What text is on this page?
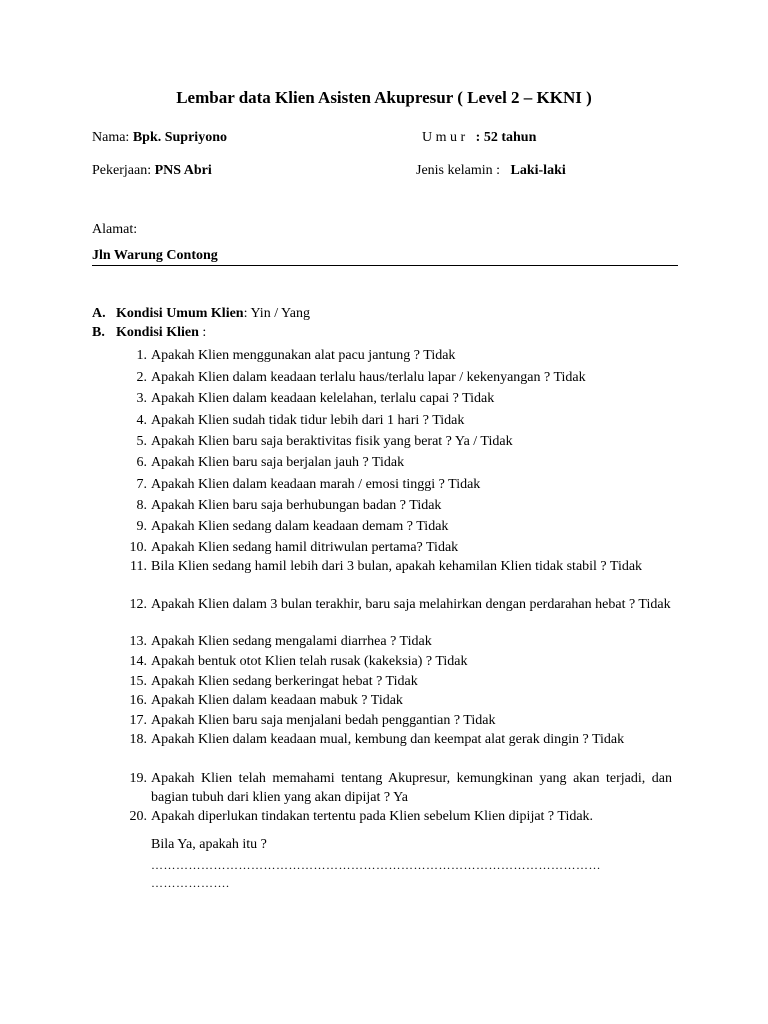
Lembar data Klien Asisten Akupresur ( Level 2 – KKNI )
Nama: Bpk. Supriyono	U m u r : 52 tahun
Pekerjaan: PNS Abri	Jenis kelamin : Laki-laki
Alamat:
Jln Warung Contong
A. Kondisi Umum Klien: Yin / Yang
B. Kondisi Klien :
1. Apakah Klien menggunakan alat pacu jantung ? Tidak
2. Apakah Klien dalam keadaan terlalu haus/terlalu lapar / kekenyangan ? Tidak
3. Apakah Klien dalam keadaan kelelahan, terlalu capai ? Tidak
4. Apakah Klien sudah tidak tidur lebih dari 1 hari ? Tidak
5. Apakah Klien baru saja beraktivitas fisik yang berat ? Ya / Tidak
6. Apakah Klien baru saja berjalan jauh ? Tidak
7. Apakah Klien dalam keadaan marah / emosi tinggi ? Tidak
8. Apakah Klien baru saja berhubungan badan ? Tidak
9. Apakah Klien sedang dalam keadaan demam ? Tidak
10. Apakah Klien sedang hamil ditriwulan pertama? Tidak
11. Bila Klien sedang hamil lebih dari 3 bulan, apakah kehamilan Klien tidak stabil ? Tidak
12. Apakah Klien dalam 3 bulan terakhir, baru saja melahirkan dengan perdarahan hebat ? Tidak
13. Apakah Klien sedang mengalami diarrhea ? Tidak
14. Apakah bentuk otot Klien telah rusak (kakeksia) ? Tidak
15. Apakah Klien sedang berkeringat hebat ? Tidak
16. Apakah Klien dalam keadaan mabuk ? Tidak
17. Apakah Klien baru saja menjalani bedah penggantian ? Tidak
18. Apakah Klien dalam keadaan mual, kembung dan keempat alat gerak dingin ? Tidak
19. Apakah Klien telah memahami tentang Akupresur, kemungkinan yang akan terjadi, dan bagian tubuh dari klien yang akan dipijat ? Ya
20. Apakah diperlukan tindakan tertentu pada Klien sebelum Klien dipijat ? Tidak.
Bila Ya, apakah itu ?
………………………………………………………………………………………………
……………….
